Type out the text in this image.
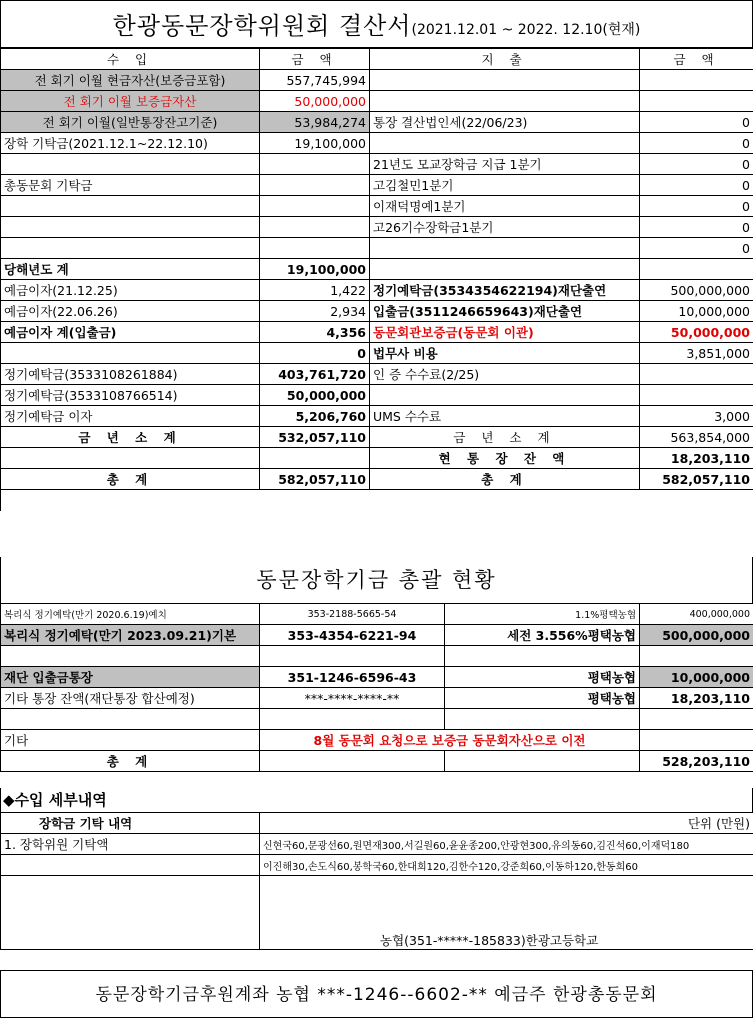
한광동문장학위원회 결산서(2021.12.01 ~ 2022. 12.10(현재)
수 입	금 액	지 출	금 액
전 회기 이월 현금자산(보증금포함)	557,745,994		
전 회기 이월 보증금자산	50,000,000		
전 회기 이월(일반통장잔고기준)	53,984,274	통장 결산법인세(22/06/23)	0
장학 기탁금(2021.12.1~22.12.10)	19,100,000		0
		21년도 모교장학금 지급 1분기	0
총동문회 기탁금		고김철민1분기	0
		이재덕명예1분기	0
		고26기수장학금1분기	0
			0
당해년도 계	19,100,000		
예금이자(21.12.25)	1,422	정기예탁금(3534354622194)재단출연	500,000,000
예금이자(22.06.26)	2,934	입출금(3511246659643)재단출연	10,000,000
예금이자 계(입출금)	4,356	동문회관보증금(동문회 이관)	50,000,000
	0	법무사 비용	3,851,000
정기예탁금(3533108261884)	403,761,720	인 증 수수료(2/25)	
정기예탁금(3533108766514)	50,000,000		
정기예탁금 이자	5,206,760	UMS 수수료	3,000
금 년 소 계	532,057,110	금 년 소 계	563,854,000
		현 통 장 잔 액	18,203,110
총 계	582,057,110	총 계	582,057,110

동문장학기금 총괄 현황
복리식 정기예탁(만기 2020.6.19)예치	353-2188-5665-54	1.1%평택농협	400,000,000
복리식 정기예탁(만기 2023.09.21)기본	353-4354-6221-94	세전 3.556%평택농협	500,000,000

재단 입출금통장	351-1246-6596-43	평택농협	10,000,000
기타 통장 잔액(재단통장 합산예정)	***-****-****-**	평택농협	18,203,110

기타	8월 동문회 요청으로 보증금 동문회자산으로 이전		
총 계			528,203,110
◆수입 세부내역
장학금 기탁 내역	단위 (만원)
1. 장학위원 기탁액	신현국60,문광선60,원면재300,서길원60,윤윤종200,안광현300,유의동60,김진석60,이재덕180
	이진해30,손도식60,봉학국60,한대희120,김한수120,강준희60,이동하120,한동희60
	농협(351-*****-185833)한광고등학교
동문장학기금후원계좌 농협 ***-1246--6602-** 예금주 한광총동문회
